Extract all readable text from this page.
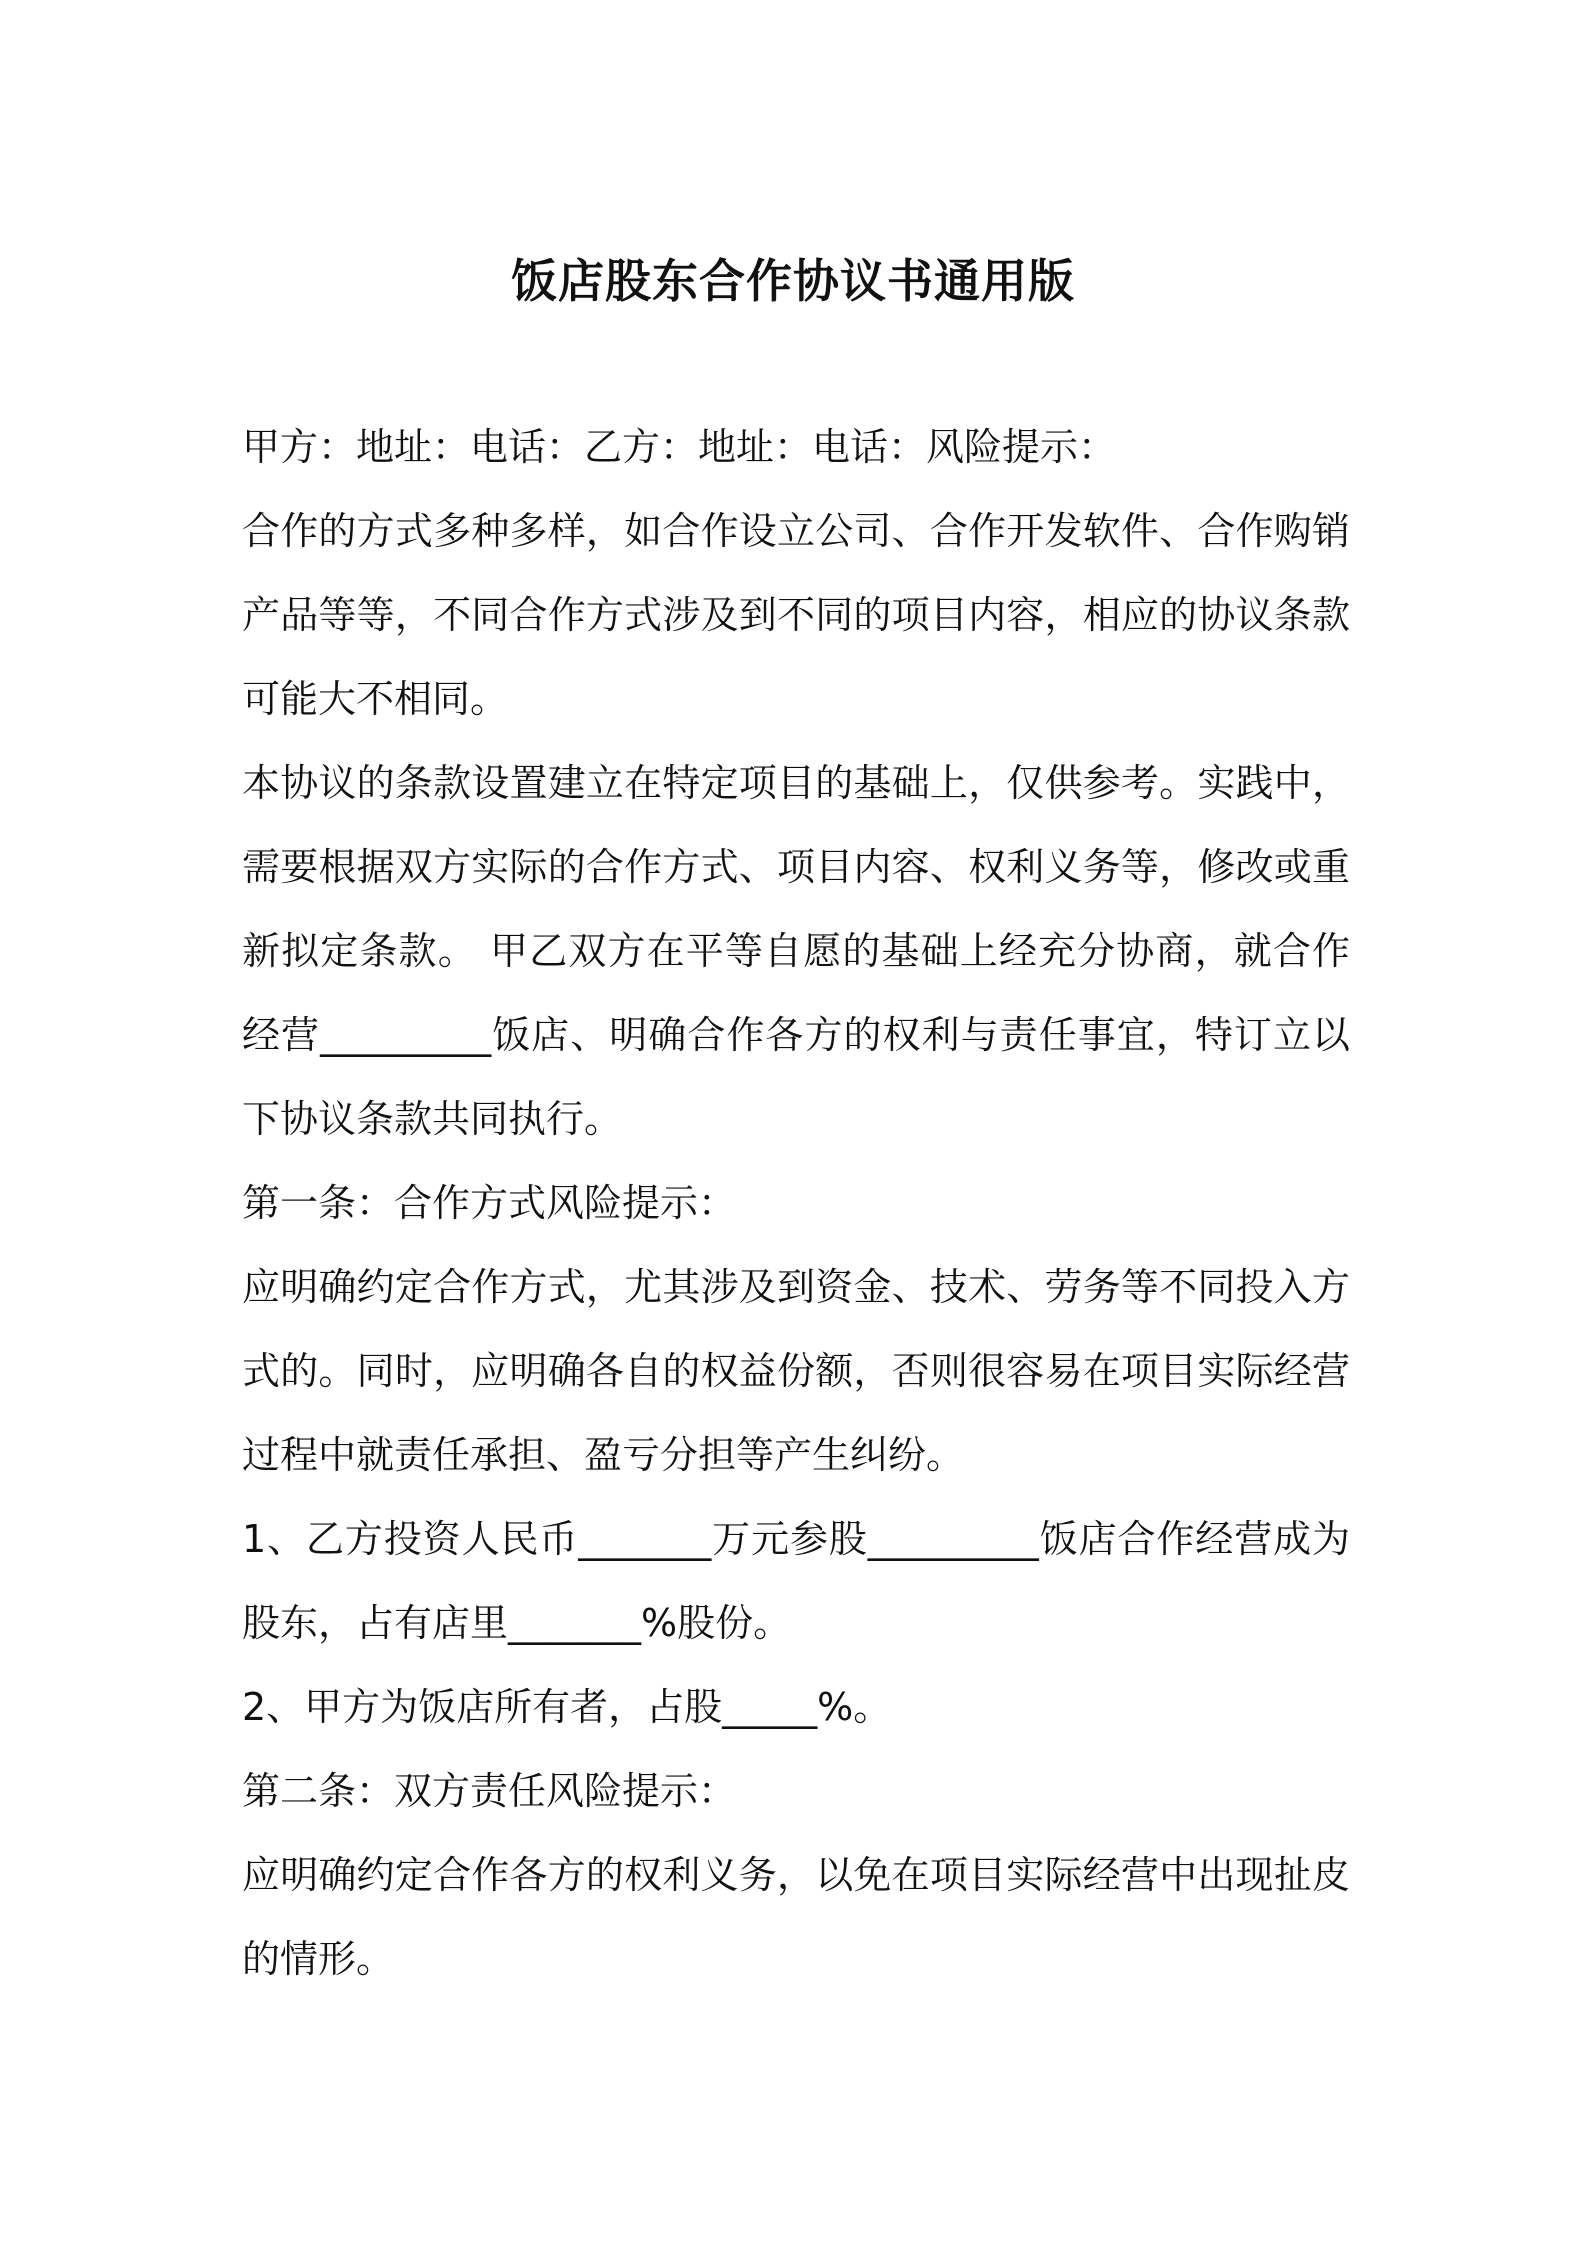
饭店股东合作协议书通用版

甲方：地址：电话：乙方：地址：电话：风险提示：

合作的方式多种多样，如合作设立公司、合作开发软件、合作购销产品等等，不同合作方式涉及到不同的项目内容，相应的协议条款可能大不相同。

本协议的条款设置建立在特定项目的基础上，仅供参考。实践中，需要根据双方实际的合作方式、项目内容、权利义务等，修改或重新拟定条款。 甲乙双方在平等自愿的基础上经充分协商，就合作经营_________饭店、明确合作各方的权利与责任事宜，特订立以下协议条款共同执行。

第一条：合作方式风险提示：

应明确约定合作方式，尤其涉及到资金、技术、劳务等不同投入方式的。同时，应明确各自的权益份额，否则很容易在项目实际经营过程中就责任承担、盈亏分担等产生纠纷。

1、乙方投资人民币_______万元参股_________饭店合作经营成为股东，占有店里_______%股份。

2、甲方为饭店所有者，占股_____%。

第二条：双方责任风险提示：

应明确约定合作各方的权利义务，以免在项目实际经营中出现扯皮的情形。
